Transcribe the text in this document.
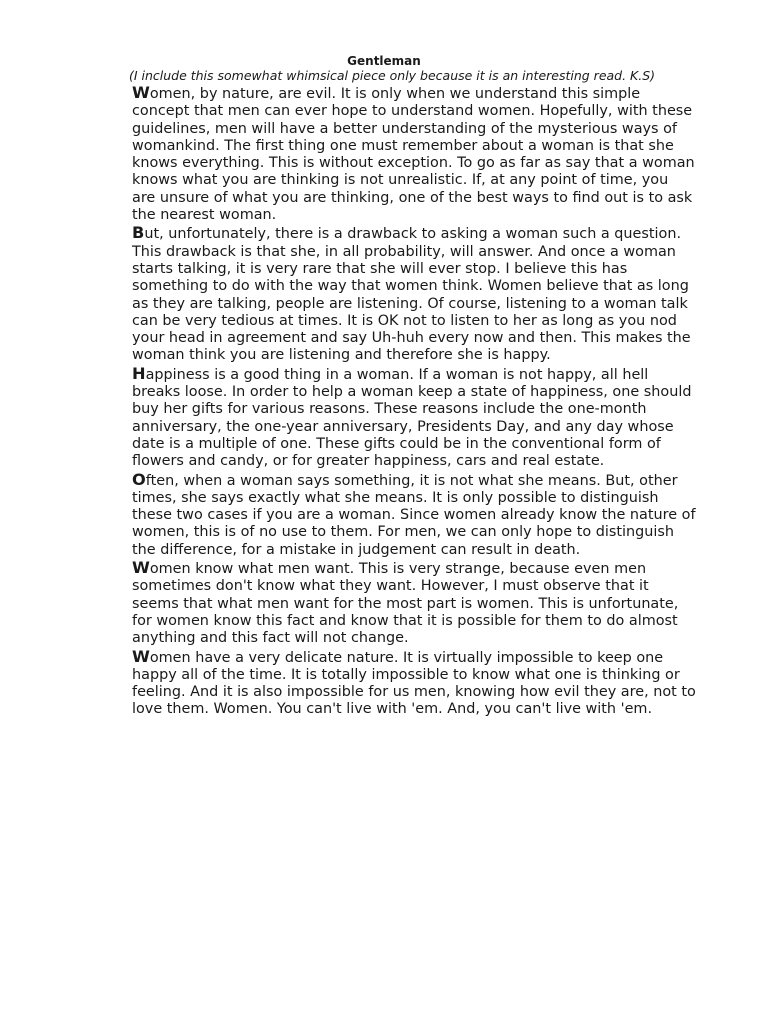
Gentleman
(I include this somewhat whimsical piece only because it is an interesting read. K.S)

Women, by nature, are evil. It is only when we understand this simple concept that men can ever hope to understand women. Hopefully, with these guidelines, men will have a better understanding of the mysterious ways of womankind. The first thing one must remember about a woman is that she knows everything. This is without exception. To go as far as say that a woman knows what you are thinking is not unrealistic. If, at any point of time, you are unsure of what you are thinking, one of the best ways to find out is to ask the nearest woman.

But, unfortunately, there is a drawback to asking a woman such a question. This drawback is that she, in all probability, will answer. And once a woman starts talking, it is very rare that she will ever stop. I believe this has something to do with the way that women think. Women believe that as long as they are talking, people are listening. Of course, listening to a woman talk can be very tedious at times. It is OK not to listen to her as long as you nod your head in agreement and say Uh-huh every now and then. This makes the woman think you are listening and therefore she is happy.

Happiness is a good thing in a woman. If a woman is not happy, all hell breaks loose. In order to help a woman keep a state of happiness, one should buy her gifts for various reasons. These reasons include the one-month anniversary, the one-year anniversary, Presidents Day, and any day whose date is a multiple of one. These gifts could be in the conventional form of flowers and candy, or for greater happiness, cars and real estate.

Often, when a woman says something, it is not what she means. But, other times, she says exactly what she means. It is only possible to distinguish these two cases if you are a woman. Since women already know the nature of women, this is of no use to them. For men, we can only hope to distinguish the difference, for a mistake in judgement can result in death.

Women know what men want. This is very strange, because even men sometimes don't know what they want. However, I must observe that it seems that what men want for the most part is women. This is unfortunate, for women know this fact and know that it is possible for them to do almost anything and this fact will not change.

Women have a very delicate nature. It is virtually impossible to keep one happy all of the time. It is totally impossible to know what one is thinking or feeling. And it is also impossible for us men, knowing how evil they are, not to love them. Women. You can't live with 'em. And, you can't live with 'em.
